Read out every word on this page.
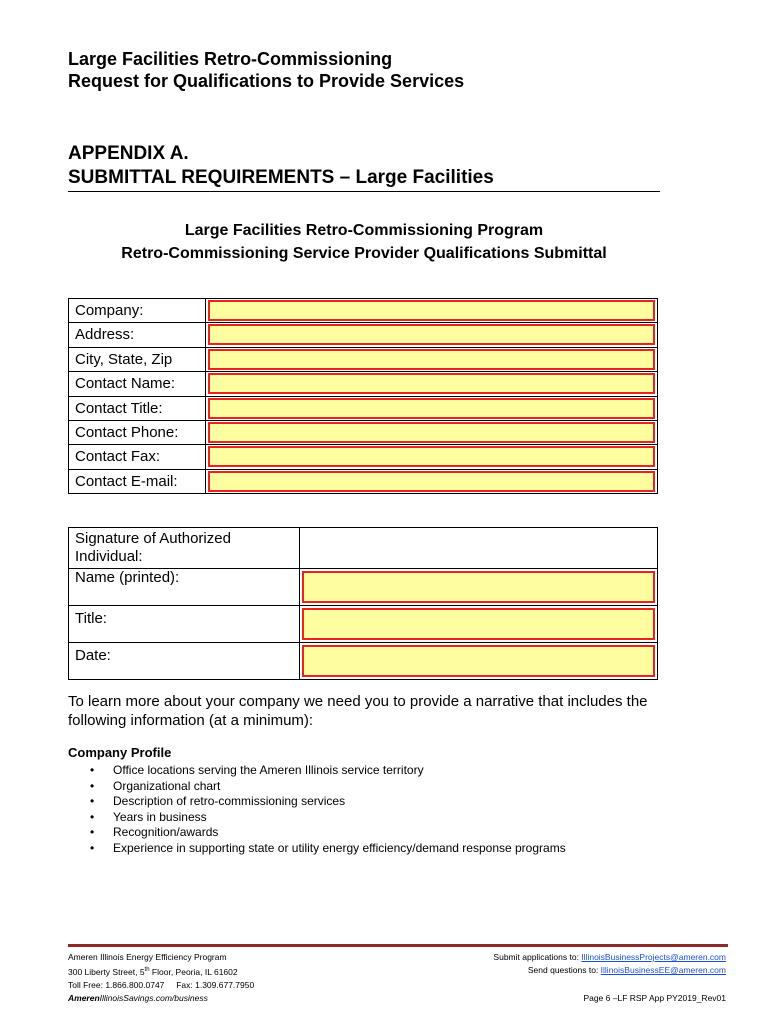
Large Facilities Retro-Commissioning
Request for Qualifications to Provide Services
APPENDIX A.
SUBMITTAL REQUIREMENTS – Large Facilities
Large Facilities Retro-Commissioning Program
Retro-Commissioning Service Provider Qualifications Submittal
Company:	

Address:	

City, State, Zip	

Contact Name:	

Contact Title:	

Contact Phone:	

Contact Fax:	

Contact E-mail:	
Signature of Authorized
Individual:	

Name (printed):	

Title:	

Date:	
To learn more about your company we need you to provide a narrative that includes the following information (at a minimum):
Company Profile
• Office locations serving the Ameren Illinois service territory
• Organizational chart
• Description of retro-commissioning services
• Years in business
• Recognition/awards
• Experience in supporting state or utility energy efficiency/demand response programs
Ameren Illinois Energy Efficiency Program
300 Liberty Street, 5th Floor, Peoria, IL 61602
Toll Free: 1.866.800.0747     Fax: 1.309.677.7950
AmerenIllinoisSavings.com/business
Submit applications to: IllinoisBusinessProjects@ameren.com
Send questions to: IllinoisBusinessEE@ameren.com
Page 6 –LF RSP App PY2019_Rev01
